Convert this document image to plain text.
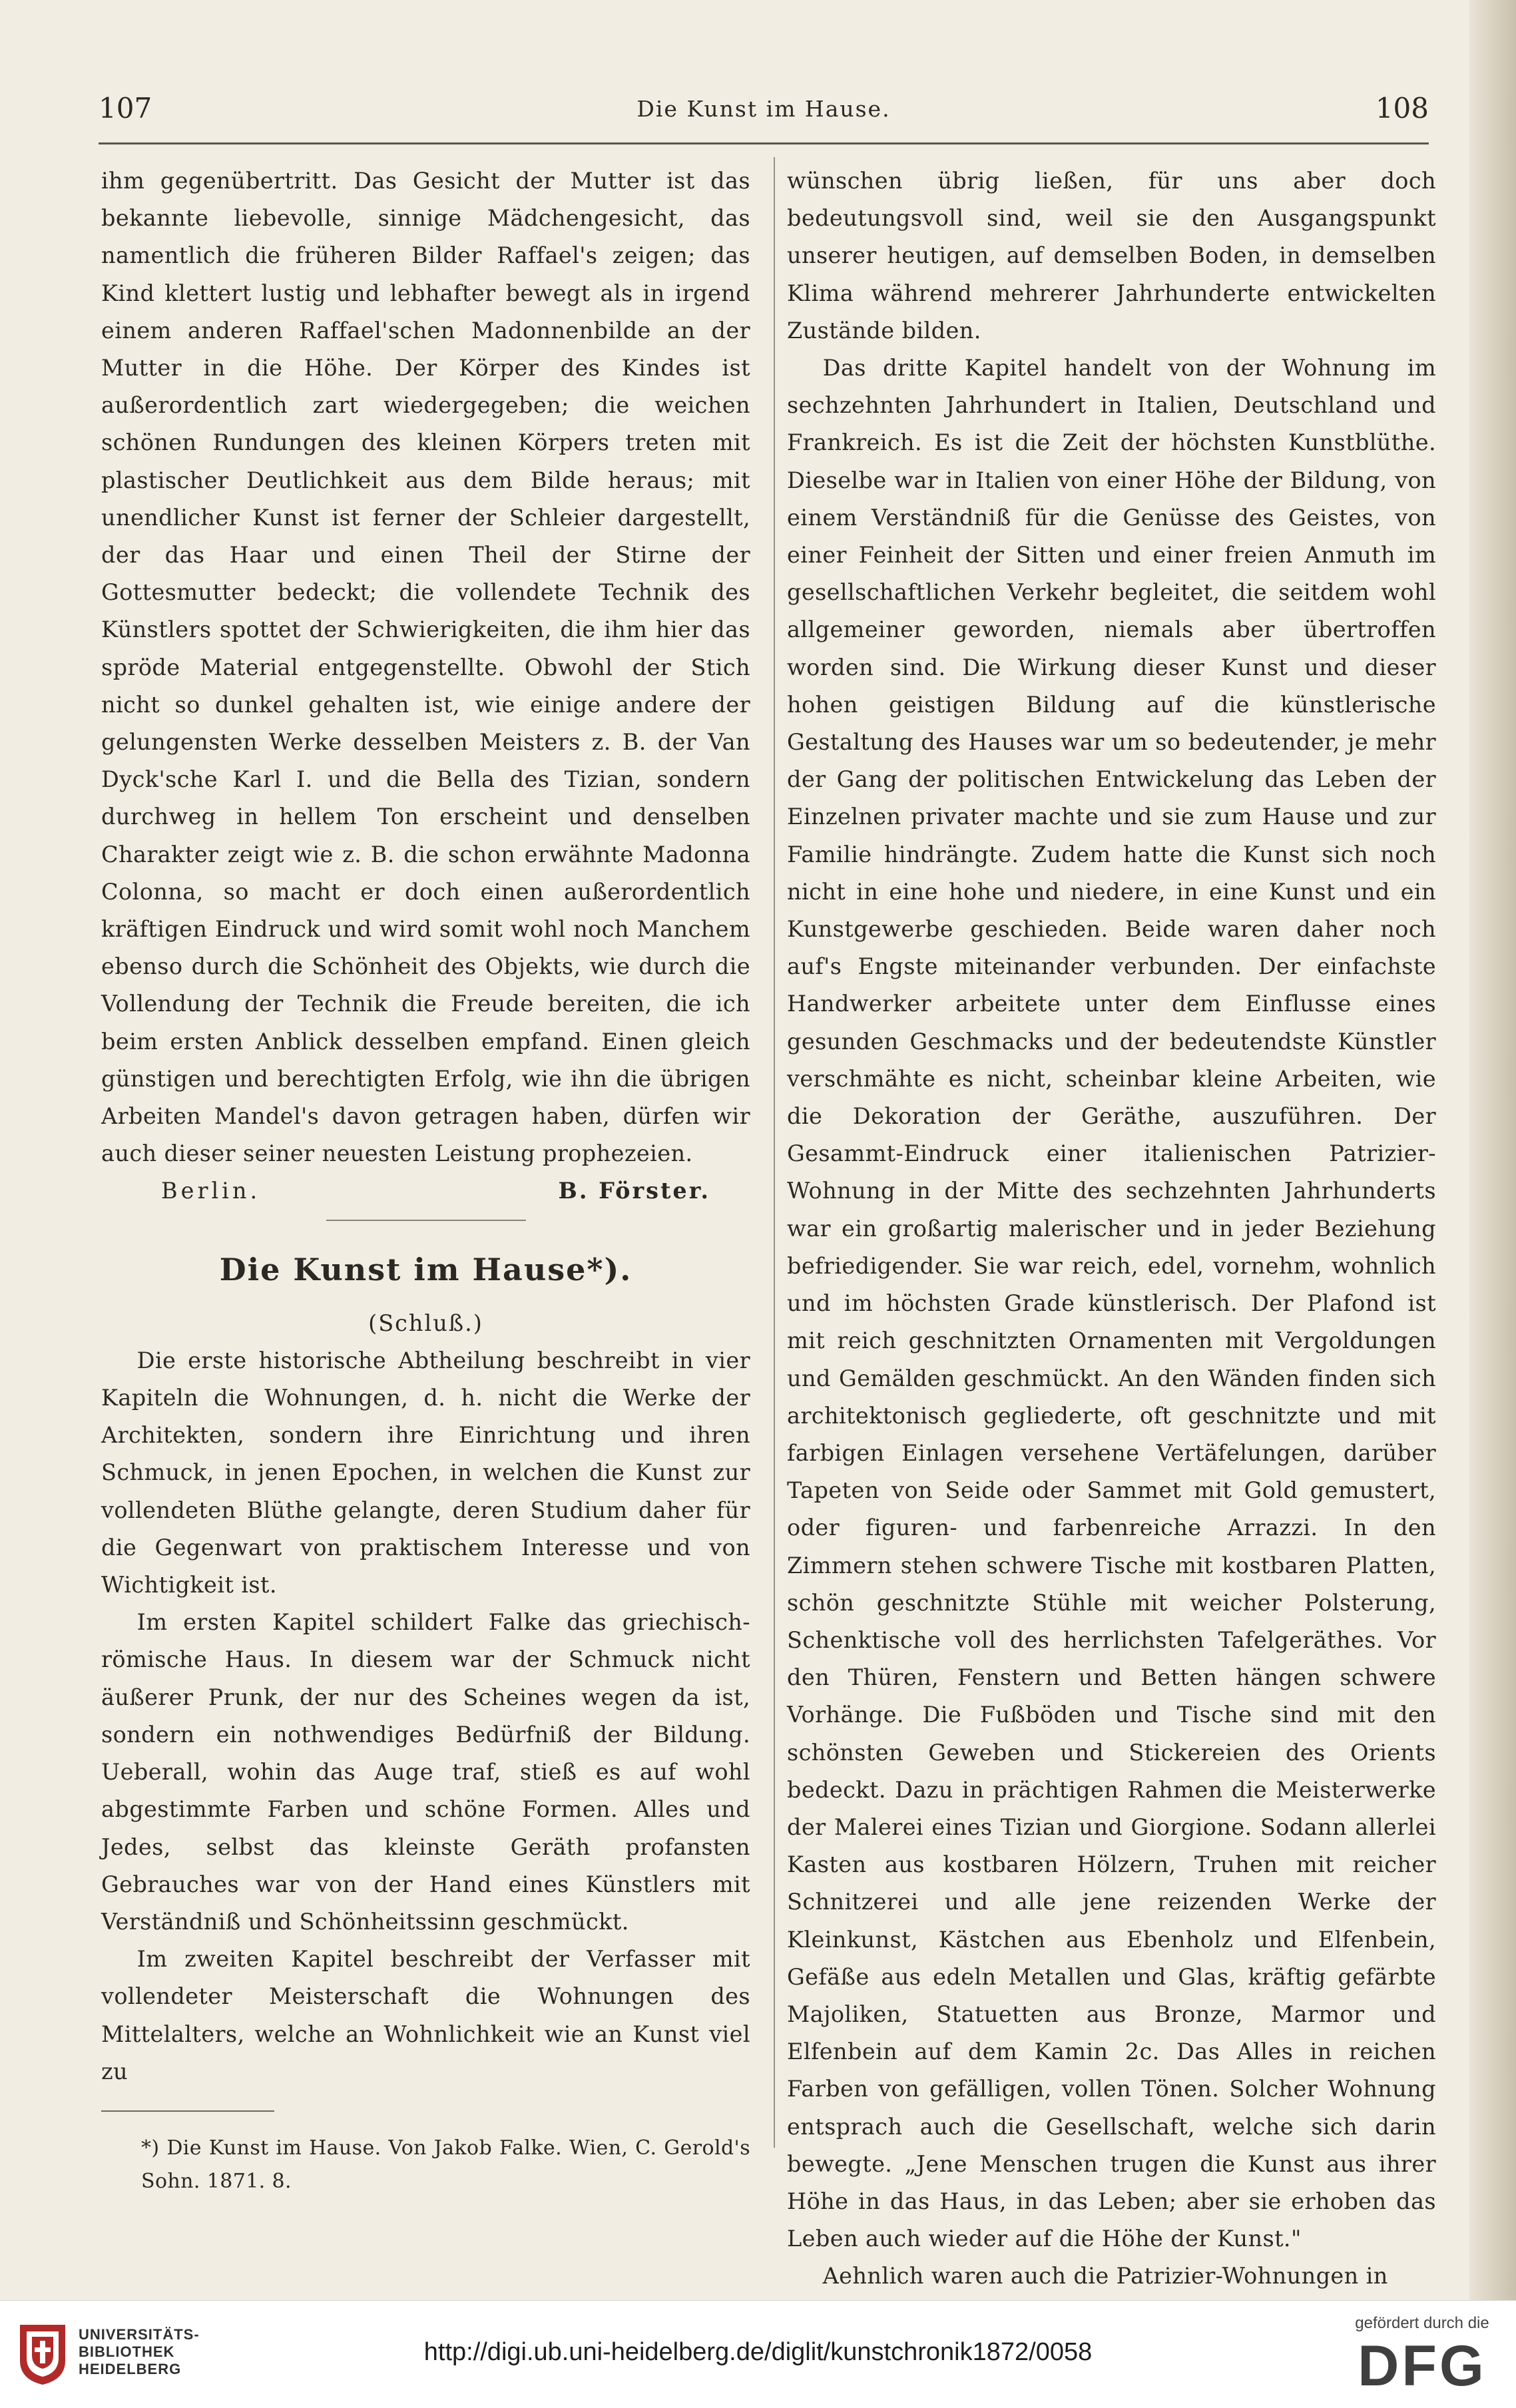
107	Die Kunst im Hause.	108

ihm gegenübertritt. Das Gesicht der Mutter ist das bekannte liebevolle, sinnige Mädchengesicht, das namentlich die früheren Bilder Raffael's zeigen; das Kind klettert lustig und lebhafter bewegt als in irgend einem anderen Raffael'schen Madonnenbilde an der Mutter in die Höhe. Der Körper des Kindes ist außerordentlich zart wiedergegeben; die weichen schönen Rundungen des kleinen Körpers treten mit plastischer Deutlichkeit aus dem Bilde heraus; mit unendlicher Kunst ist ferner der Schleier dargestellt, der das Haar und einen Theil der Stirne der Gottesmutter bedeckt; die vollendete Technik des Künstlers spottet der Schwierigkeiten, die ihm hier das spröde Material entgegenstellte. Obwohl der Stich nicht so dunkel gehalten ist, wie einige andere der gelungensten Werke desselben Meisters z. B. der Van Dyck'sche Karl I. und die Bella des Tizian, sondern durchweg in hellem Ton erscheint und denselben Charakter zeigt wie z. B. die schon erwähnte Madonna Colonna, so macht er doch einen außerordentlich kräftigen Eindruck und wird somit wohl noch Manchem ebenso durch die Schönheit des Objekts, wie durch die Vollendung der Technik die Freude bereiten, die ich beim ersten Anblick desselben empfand. Einen gleich günstigen und berechtigten Erfolg, wie ihn die übrigen Arbeiten Mandel's davon getragen haben, dürfen wir auch dieser seiner neuesten Leistung prophezeien.

Berlin.	B. Förster.
Die Kunst im Hause*).
(Schluß.)

Die erste historische Abtheilung beschreibt in vier Kapiteln die Wohnungen, d. h. nicht die Werke der Architekten, sondern ihre Einrichtung und ihren Schmuck, in jenen Epochen, in welchen die Kunst zur vollendeten Blüthe gelangte, deren Studium daher für die Gegenwart von praktischem Interesse und von Wichtigkeit ist.

Im ersten Kapitel schildert Falke das griechisch-römische Haus. In diesem war der Schmuck nicht äußerer Prunk, der nur des Scheines wegen da ist, sondern ein nothwendiges Bedürfniß der Bildung. Ueberall, wohin das Auge traf, stieß es auf wohl abgestimmte Farben und schöne Formen. Alles und Jedes, selbst das kleinste Geräth profansten Gebrauches war von der Hand eines Künstlers mit Verständniß und Schönheitssinn geschmückt.

Im zweiten Kapitel beschreibt der Verfasser mit vollendeter Meisterschaft die Wohnungen des Mittelalters, welche an Wohnlichkeit wie an Kunst viel zu

*) Die Kunst im Hause. Von Jakob Falke. Wien, C. Gerold's Sohn. 1871. 8.

wünschen übrig ließen, für uns aber doch bedeutungsvoll sind, weil sie den Ausgangspunkt unserer heutigen, auf demselben Boden, in demselben Klima während mehrerer Jahrhunderte entwickelten Zustände bilden.

Das dritte Kapitel handelt von der Wohnung im sechzehnten Jahrhundert in Italien, Deutschland und Frankreich. Es ist die Zeit der höchsten Kunstblüthe. Dieselbe war in Italien von einer Höhe der Bildung, von einem Verständniß für die Genüsse des Geistes, von einer Feinheit der Sitten und einer freien Anmuth im gesellschaftlichen Verkehr begleitet, die seitdem wohl allgemeiner geworden, niemals aber übertroffen worden sind. Die Wirkung dieser Kunst und dieser hohen geistigen Bildung auf die künstlerische Gestaltung des Hauses war um so bedeutender, je mehr der Gang der politischen Entwickelung das Leben der Einzelnen privater machte und sie zum Hause und zur Familie hindrängte. Zudem hatte die Kunst sich noch nicht in eine hohe und niedere, in eine Kunst und ein Kunstgewerbe geschieden. Beide waren daher noch auf's Engste miteinander verbunden. Der einfachste Handwerker arbeitete unter dem Einflusse eines gesunden Geschmacks und der bedeutendste Künstler verschmähte es nicht, scheinbar kleine Arbeiten, wie die Dekoration der Geräthe, auszuführen. Der Gesammt-Eindruck einer italienischen Patrizier-Wohnung in der Mitte des sechzehnten Jahrhunderts war ein großartig malerischer und in jeder Beziehung befriedigender. Sie war reich, edel, vornehm, wohnlich und im höchsten Grade künstlerisch. Der Plafond ist mit reich geschnitzten Ornamenten mit Vergoldungen und Gemälden geschmückt. An den Wänden finden sich architektonisch gegliederte, oft geschnitzte und mit farbigen Einlagen versehene Vertäfelungen, darüber Tapeten von Seide oder Sammet mit Gold gemustert, oder figuren- und farbenreiche Arrazzi. In den Zimmern stehen schwere Tische mit kostbaren Platten, schön geschnitzte Stühle mit weicher Polsterung, Schenktische voll des herrlichsten Tafelgeräthes. Vor den Thüren, Fenstern und Betten hängen schwere Vorhänge. Die Fußböden und Tische sind mit den schönsten Geweben und Stickereien des Orients bedeckt. Dazu in prächtigen Rahmen die Meisterwerke der Malerei eines Tizian und Giorgione. Sodann allerlei Kasten aus kostbaren Hölzern, Truhen mit reicher Schnitzerei und alle jene reizenden Werke der Kleinkunst, Kästchen aus Ebenholz und Elfenbein, Gefäße aus edeln Metallen und Glas, kräftig gefärbte Majoliken, Statuetten aus Bronze, Marmor und Elfenbein auf dem Kamin 2c. Das Alles in reichen Farben von gefälligen, vollen Tönen. Solcher Wohnung entsprach auch die Gesellschaft, welche sich darin bewegte. „Jene Menschen trugen die Kunst aus ihrer Höhe in das Haus, in das Leben; aber sie erhoben das Leben auch wieder auf die Höhe der Kunst."

Aehnlich waren auch die Patrizier-Wohnungen in

UNIVERSITÄTS-
BIBLIOTHEK
HEIDELBERG
http://digi.ub.uni-heidelberg.de/diglit/kunstchronik1872/0058
gefördert durch die
DFG
